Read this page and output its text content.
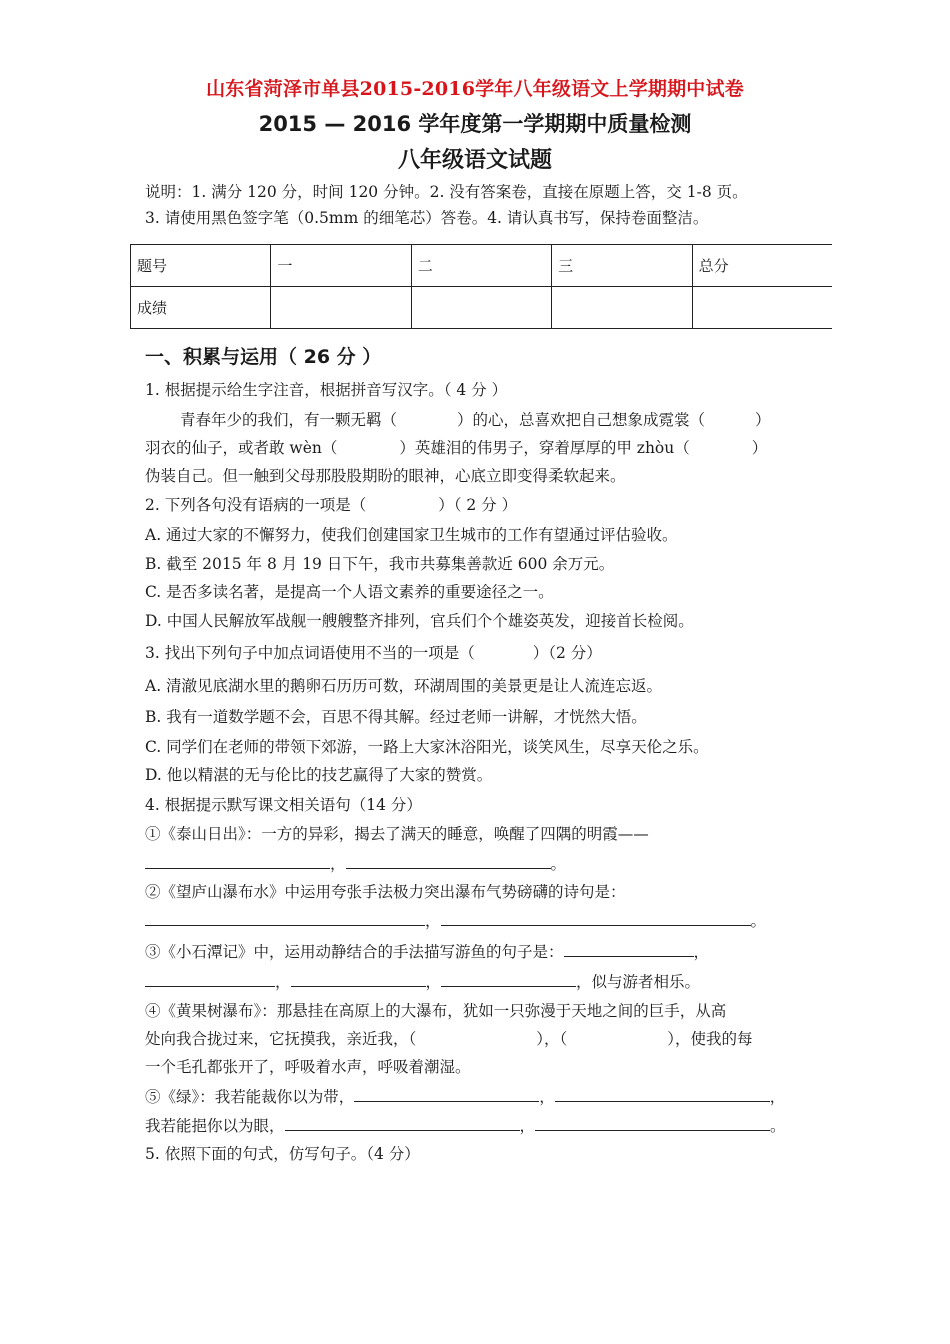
山东省菏泽市单县2015-2016学年八年级语文上学期期中试卷
2015 — 2016 学年度第一学期期中质量检测
八年级语文试题
说明：1. 满分 120 分，时间 120 分钟。2. 没有答案卷，直接在原题上答，交 1-8 页。
3. 请使用黑色签字笔（0.5mm 的细笔芯）答卷。4. 请认真书写，保持卷面整洁。
题号	一	二	三	总分
成绩				
一、积累与运用（ 26 分 ）
1. 根据提示给生字注音，根据拼音写汉字。（ 4 分 ）
青春年少的我们，有一颗无羁（	）的心，总喜欢把自己想象成霓裳（	）
羽衣的仙子，或者敢 wèn（	）英雄泪的伟男子，穿着厚厚的甲 zhòu（	）
伪装自己。但一触到父母那股股期盼的眼神，心底立即变得柔软起来。
2. 下列各句没有语病的一项是（	）（ 2 分 ）
A. 通过大家的不懈努力，使我们创建国家卫生城市的工作有望通过评估验收。
B. 截至 2015 年 8 月 19 日下午，我市共募集善款近 600 余万元。
C. 是否多读名著，是提高一个人语文素养的重要途径之一。
D. 中国人民解放军战舰一艘艘整齐排列，官兵们个个雄姿英发，迎接首长检阅。
3. 找出下列句子中加点词语使用不当的一项是（	）（2 分）
A. 清澈见底湖水里的鹅卵石历历可数，环湖周围的美景更是让人流连忘返。
B. 我有一道数学题不会，百思不得其解。经过老师一讲解，才恍然大悟。
C. 同学们在老师的带领下郊游，一路上大家沐浴阳光，谈笑风生，尽享天伦之乐。
D. 他以精湛的无与伦比的技艺赢得了大家的赞赏。
4. 根据提示默写课文相关语句（14 分）
①《泰山日出》：一方的异彩，揭去了满天的睡意，唤醒了四隅的明霞——
，	。
②《望庐山瀑布水》中运用夸张手法极力突出瀑布气势磅礴的诗句是：
，	。
③《小石潭记》中，运用动静结合的手法描写游鱼的句子是：	，
，	，	，似与游者相乐。
④《黄果树瀑布》：那悬挂在高原上的大瀑布，犹如一只弥漫于天地之间的巨手，从高
处向我合拢过来，它抚摸我，亲近我，（	），（	），使我的每
一个毛孔都张开了，呼吸着水声，呼吸着潮湿。
⑤《绿》：我若能裁你以为带，	，	，
我若能挹你以为眼，	，	。
5. 依照下面的句式，仿写句子。（4 分）
